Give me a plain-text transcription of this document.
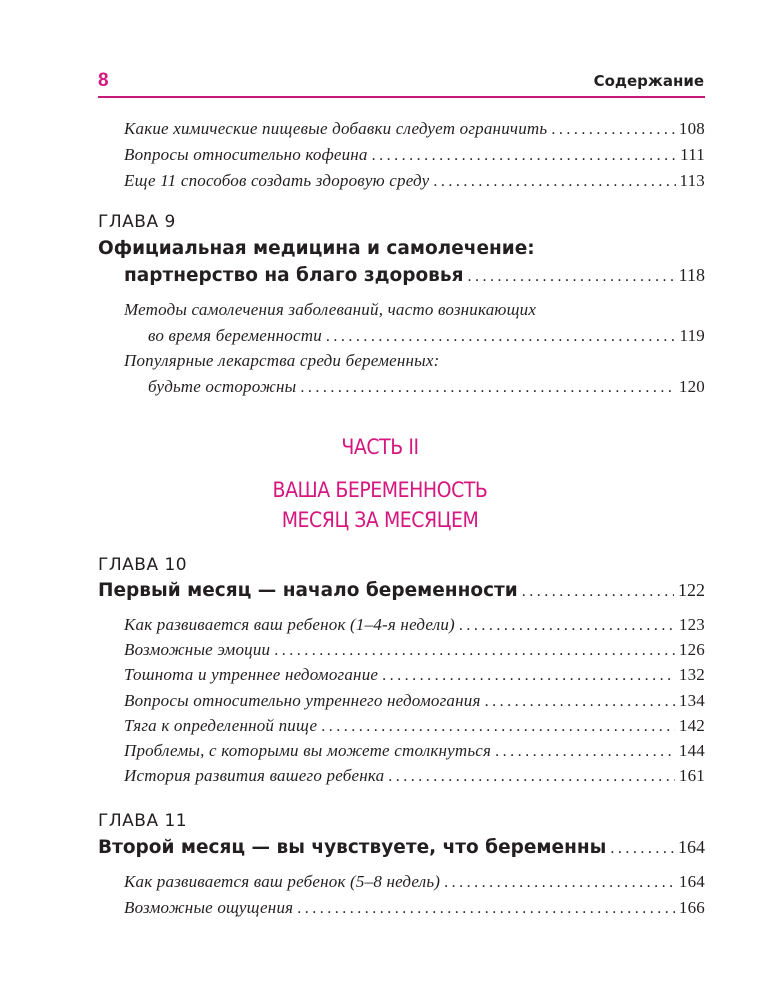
8	Содержание
Какие химические пищевые добавки следует ограничить .....	108
Вопросы относительно кофеина .....	111
Еще 11 способов создать здоровую среду .....	113
ГЛАВА 9
Официальная медицина и самолечение:
партнерство на благо здоровья .....	118
Методы самолечения заболеваний, часто возникающих
во время беременности .....	119
Популярные лекарства среди беременных:
будьте осторожны .....	120
ЧАСТЬ II
ВАША БЕРЕМЕННОСТЬ
МЕСЯЦ ЗА МЕСЯЦЕМ
ГЛАВА 10
Первый месяц — начало беременности .....	122
Как развивается ваш ребенок (1–4-я недели) .....	123
Возможные эмоции .....	126
Тошнота и утреннее недомогание .....	132
Вопросы относительно утреннего недомогания .....	134
Тяга к определенной пище .....	142
Проблемы, с которыми вы можете столкнуться .....	144
История развития вашего ребенка .....	161
ГЛАВА 11
Второй месяц — вы чувствуете, что беременны .....	164
Как развивается ваш ребенок (5–8 недель) .....	164
Возможные ощущения .....	166
